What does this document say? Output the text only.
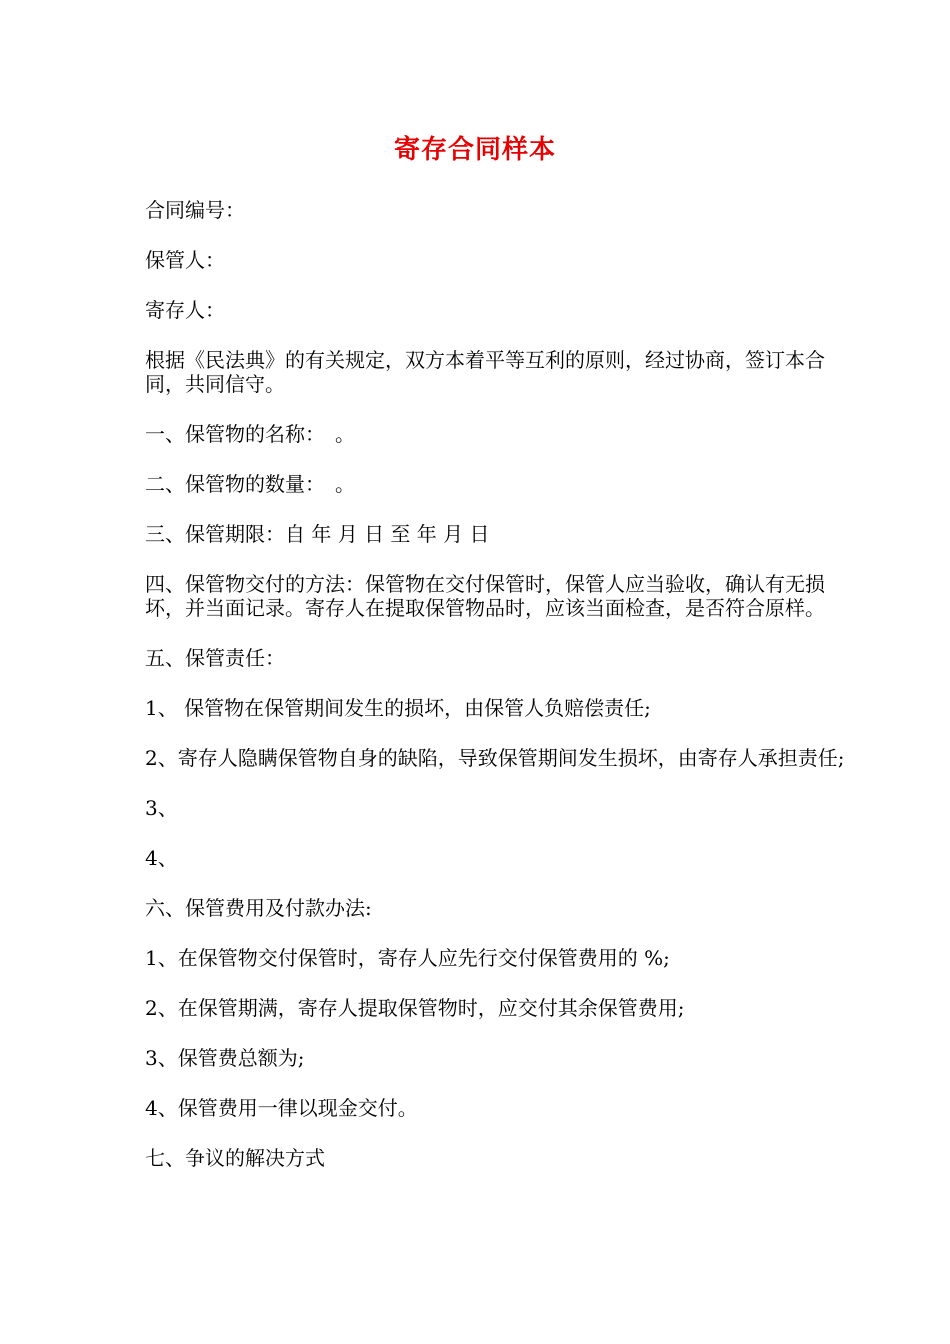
寄存合同样本

合同编号：

保管人：

寄存人：

根据《民法典》的有关规定，双方本着平等互利的原则，经过协商，签订本合同，共同信守。

一、保管物的名称：　。

二、保管物的数量：　。

三、保管期限：自 年 月 日 至 年 月 日

四、保管物交付的方法：保管物在交付保管时，保管人应当验收，确认有无损坏，并当面记录。寄存人在提取保管物品时，应该当面检查，是否符合原样。

五、保管责任：

1、 保管物在保管期间发生的损坏，由保管人负赔偿责任;

2、寄存人隐瞒保管物自身的缺陷，导致保管期间发生损坏，由寄存人承担责任;

3、

4、

六、保管费用及付款办法:

1、在保管物交付保管时，寄存人应先行交付保管费用的 %;

2、在保管期满，寄存人提取保管物时，应交付其余保管费用;

3、保管费总额为;

4、保管费用一律以现金交付。

七、争议的解决方式
